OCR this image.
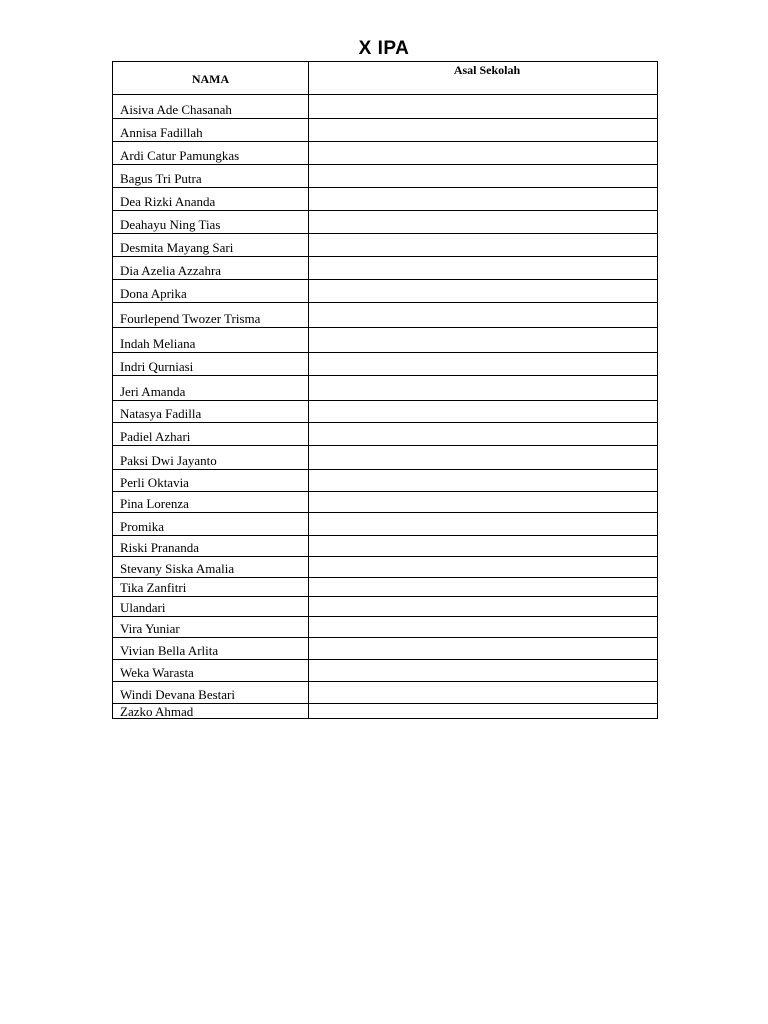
X IPA
NAMA	Asal Sekolah
Aisiva Ade Chasanah	
Annisa Fadillah	
Ardi Catur Pamungkas	
Bagus Tri Putra	
Dea Rizki Ananda	
Deahayu Ning Tias	
Desmita Mayang Sari	
Dia Azelia Azzahra	
Dona Aprika	
Fourlepend Twozer Trisma	
Indah Meliana	
Indri Qurniasi	
Jeri Amanda	
Natasya Fadilla	
Padiel Azhari	
Paksi Dwi Jayanto	
Perli Oktavia	
Pina Lorenza	
Promika	
Riski Prananda	
Stevany Siska Amalia	
Tika Zanfitri	
Ulandari	
Vira Yuniar	
Vivian Bella Arlita	
Weka Warasta	
Windi Devana Bestari	
Zazko Ahmad	
